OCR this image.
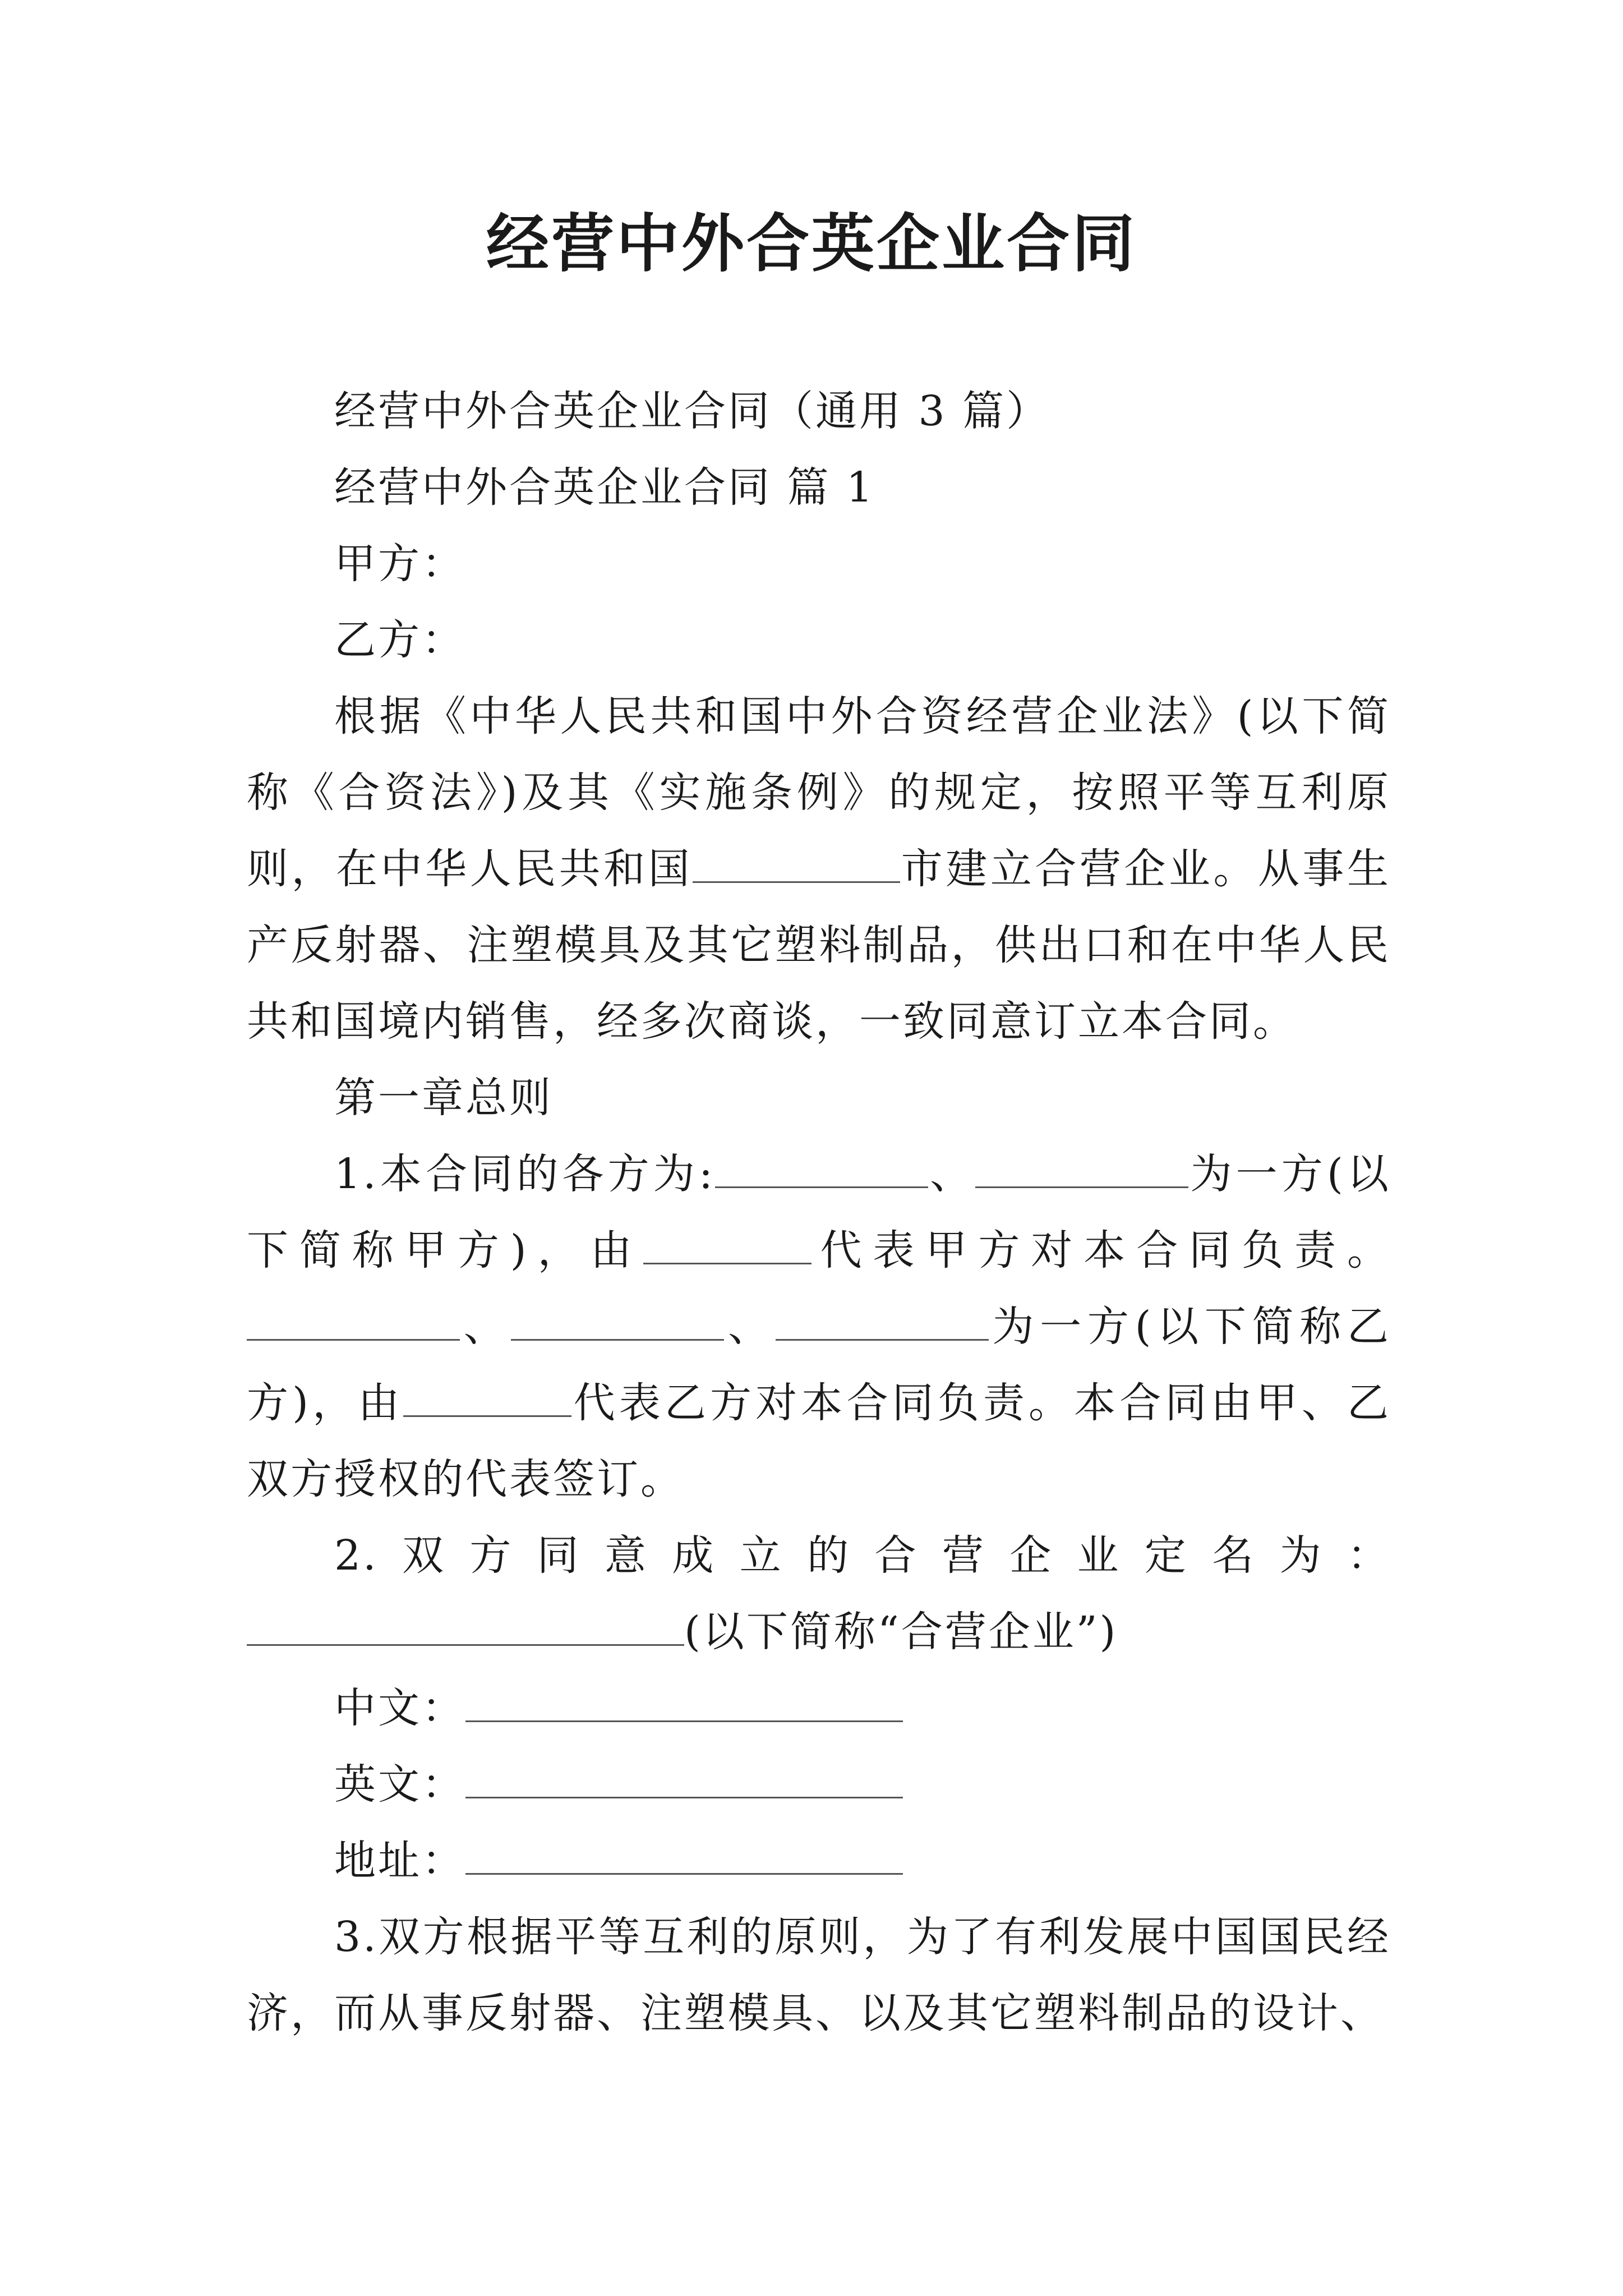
经营中外合英企业合同

经营中外合英企业合同（通用 3 篇）

经营中外合英企业合同 篇 1

甲方：

乙方：

根据《中华人民共和国中外合资经营企业法》(以下简称《合资法》)及其《实施条例》的规定，按照平等互利原则，在中华人民共和国	市建立合营企业。从事生产反射器、注塑模具及其它塑料制品，供出口和在中华人民共和国境内销售，经多次商谈，一致同意订立本合同。

第一章总则

1.本合同的各方为:	、	为一方(以下简称甲方)，由	代表甲方对本合同负责。、	、	为一方(以下简称乙方)，由	代表乙方对本合同负责。本合同由甲、乙双方授权的代表签订。

2.双方同意成立的合营企业定名为：(以下简称“合营企业”)

中文：

英文：

地址：

3.双方根据平等互利的原则，为了有利发展中国国民经济，而从事反射器、注塑模具、以及其它塑料制品的设计、
